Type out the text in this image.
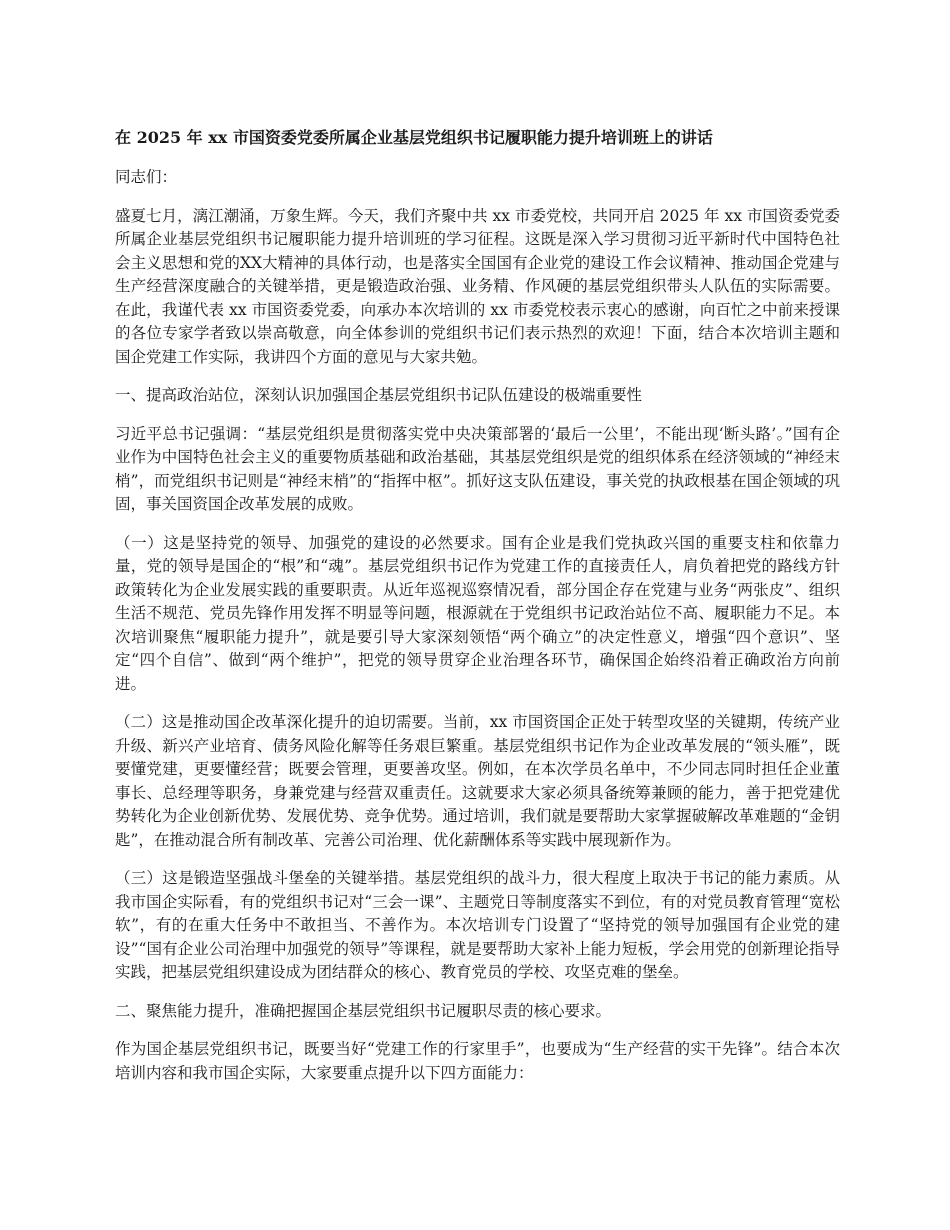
在 2025 年 xx 市国资委党委所属企业基层党组织书记履职能力提升培训班上的讲话

同志们：

盛夏七月，漓江潮涌，万象生辉。今天，我们齐聚中共 xx 市委党校，共同开启 2025 年 xx 市国资委党委所属企业基层党组织书记履职能力提升培训班的学习征程。这既是深入学习贯彻习近平新时代中国特色社会主义思想和党的XX大精神的具体行动，也是落实全国国有企业党的建设工作会议精神、推动国企党建与生产经营深度融合的关键举措，更是锻造政治强、业务精、作风硬的基层党组织带头人队伍的实际需要。在此，我谨代表 xx 市国资委党委，向承办本次培训的 xx 市委党校表示衷心的感谢，向百忙之中前来授课的各位专家学者致以崇高敬意，向全体参训的党组织书记们表示热烈的欢迎！下面，结合本次培训主题和国企党建工作实际，我讲四个方面的意见与大家共勉。

一、提高政治站位，深刻认识加强国企基层党组织书记队伍建设的极端重要性

习近平总书记强调：“基层党组织是贯彻落实党中央决策部署的‘最后一公里’，不能出现‘断头路’。”国有企业作为中国特色社会主义的重要物质基础和政治基础，其基层党组织是党的组织体系在经济领域的“神经末梢”，而党组织书记则是“神经末梢”的“指挥中枢”。抓好这支队伍建设，事关党的执政根基在国企领域的巩固，事关国资国企改革发展的成败。

（一）这是坚持党的领导、加强党的建设的必然要求。国有企业是我们党执政兴国的重要支柱和依靠力量，党的领导是国企的“根”和“魂”。基层党组织书记作为党建工作的直接责任人，肩负着把党的路线方针政策转化为企业发展实践的重要职责。从近年巡视巡察情况看，部分国企存在党建与业务“两张皮”、组织生活不规范、党员先锋作用发挥不明显等问题，根源就在于党组织书记政治站位不高、履职能力不足。本次培训聚焦“履职能力提升”，就是要引导大家深刻领悟“两个确立”的决定性意义，增强“四个意识”、坚定“四个自信”、做到“两个维护”，把党的领导贯穿企业治理各环节，确保国企始终沿着正确政治方向前进。

（二）这是推动国企改革深化提升的迫切需要。当前，xx 市国资国企正处于转型攻坚的关键期，传统产业升级、新兴产业培育、债务风险化解等任务艰巨繁重。基层党组织书记作为企业改革发展的“领头雁”，既要懂党建，更要懂经营；既要会管理，更要善攻坚。例如，在本次学员名单中，不少同志同时担任企业董事长、总经理等职务，身兼党建与经营双重责任。这就要求大家必须具备统筹兼顾的能力，善于把党建优势转化为企业创新优势、发展优势、竞争优势。通过培训，我们就是要帮助大家掌握破解改革难题的“金钥匙”，在推动混合所有制改革、完善公司治理、优化薪酬体系等实践中展现新作为。

（三）这是锻造坚强战斗堡垒的关键举措。基层党组织的战斗力，很大程度上取决于书记的能力素质。从我市国企实际看，有的党组织书记对“三会一课”、主题党日等制度落实不到位，有的对党员教育管理“宽松软”，有的在重大任务中不敢担当、不善作为。本次培训专门设置了“坚持党的领导加强国有企业党的建设”“国有企业公司治理中加强党的领导”等课程，就是要帮助大家补上能力短板，学会用党的创新理论指导实践，把基层党组织建设成为团结群众的核心、教育党员的学校、攻坚克难的堡垒。

二、聚焦能力提升，准确把握国企基层党组织书记履职尽责的核心要求。

作为国企基层党组织书记，既要当好“党建工作的行家里手”，也要成为“生产经营的实干先锋”。结合本次培训内容和我市国企实际，大家要重点提升以下四方面能力：
